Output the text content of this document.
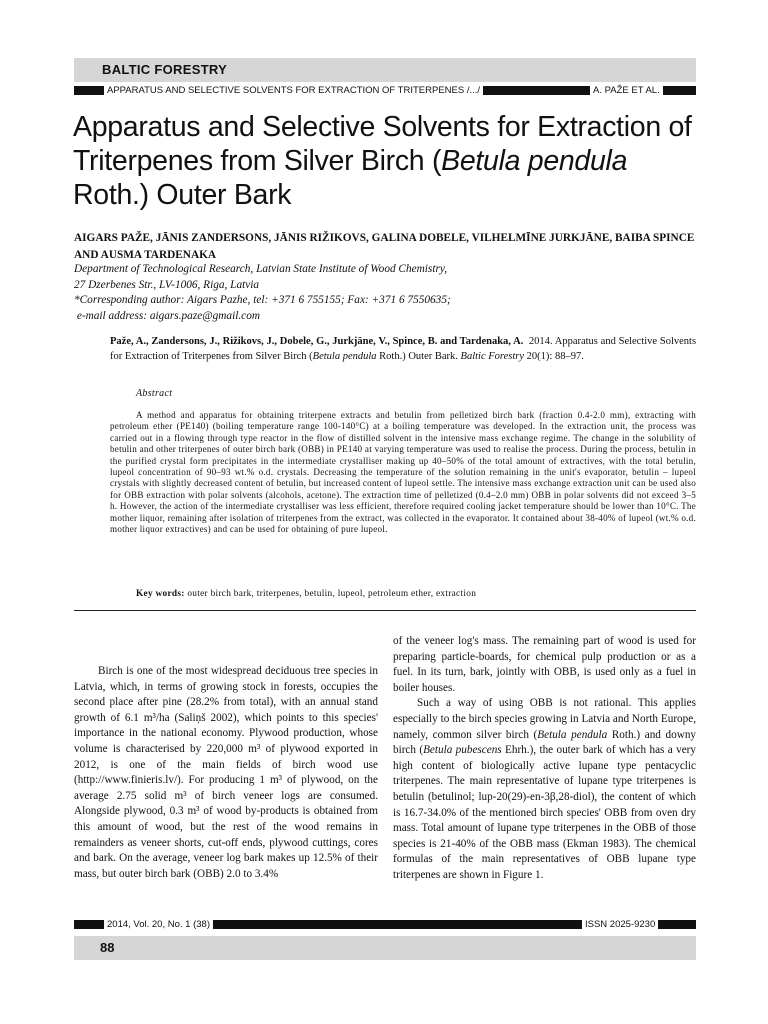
BALTIC FORESTRY
APPARATUS AND SELECTIVE SOLVENTS FOR EXTRACTION OF TRITERPENES /.../	A. PAŽE ET AL.
Apparatus and Selective Solvents for Extraction of Triterpenes from Silver Birch (Betula pendula Roth.) Outer Bark
AIGARS PAŽE, JĀNIS ZANDERSONS, JĀNIS RIŽIKOVS, GALINA DOBELE, VILHELMĪNE JURKJĀNE, BAIBA SPINCE AND AUSMA TARDENAKA
Department of Technological Research, Latvian State Institute of Wood Chemistry,
27 Dzerbenes Str., LV-1006, Riga, Latvia
*Corresponding author: Aigars Pazhe, tel: +371 6 755155; Fax: +371 6 7550635;
e-mail address: aigars.paze@gmail.com
Paže, A., Zandersons, J., Rižikovs, J., Dobele, G., Jurkjāne, V., Spince, B. and Tardenaka, A. 2014. Apparatus and Selective Solvents for Extraction of Triterpenes from Silver Birch (Betula pendula Roth.) Outer Bark. Baltic Forestry 20(1): 88–97.
Abstract
A method and apparatus for obtaining triterpene extracts and betulin from pelletized birch bark (fraction 0.4-2.0 mm), extracting with petroleum ether (PE140) (boiling temperature range 100-140°C) at a boiling temperature was developed. In the extraction unit, the process was carried out in a flowing through type reactor in the flow of distilled solvent in the intensive mass exchange regime. The change in the solubility of betulin and other triterpenes of outer birch bark (OBB) in PE140 at varying temperature was used to realise the process. During the process, betulin in the purified crystal form precipitates in the intermediate crystalliser making up 40–50% of the total amount of extractives, with the total betulin, lupeol concentration of 90–93 wt.% o.d. crystals. Decreasing the temperature of the solution remaining in the unit's evaporator, betulin – lupeol crystals with slightly decreased content of betulin, but increased content of lupeol settle. The intensive mass exchange extraction unit can be used also for OBB extraction with polar solvents (alcohols, acetone). The extraction time of pelletized (0.4–2.0 mm) OBB in polar solvents did not exceed 3–5 h. However, the action of the intermediate crystalliser was less efficient, therefore required cooling jacket temperature should be lower than 10°C. The mother liquor, remaining after isolation of triterpenes from the extract, was collected in the evaporator. It contained about 38-40% of lupeol (wt.% o.d. mother liquor extractives) and can be used for obtaining of pure lupeol.
Key words: outer birch bark, triterpenes, betulin, lupeol, petroleum ether, extraction

Birch is one of the most widespread deciduous tree species in Latvia, which, in terms of growing stock in forests, occupies the second place after pine (28.2% from total), with an annual stand growth of 6.1 m³/ha (Saliņš 2002), which points to this species' importance in the national economy. Plywood production, whose volume is characterised by 220,000 m³ of plywood exported in 2012, is one of the main fields of birch wood use (http://www.finieris.lv/). For producing 1 m³ of plywood, on the average 2.75 solid m³ of birch veneer logs are consumed. Alongside plywood, 0.3 m³ of wood by-products is obtained from this amount of wood, but the rest of the wood remains in remainders as veneer shorts, cut-off ends, plywood cuttings, cores and bark. On the average, veneer log bark makes up 12.5% of their mass, but outer birch bark (OBB) 2.0 to 3.4%

of the veneer log's mass. The remaining part of wood is used for preparing particle-boards, for chemical pulp production or as a fuel. In its turn, bark, jointly with OBB, is used only as a fuel in boiler houses.

Such a way of using OBB is not rational. This applies especially to the birch species growing in Latvia and North Europe, namely, common silver birch (Betula pendula Roth.) and downy birch (Betula pubescens Ehrh.), the outer bark of which has a very high content of biologically active lupane type pentacyclic triterpenes. The main representative of lupane type triterpenes is betulin (betulinol; lup-20(29)-en-3β,28-diol), the content of which is 16.7-34.0% of the mentioned birch species' OBB from oven dry mass. Total amount of lupane type triterpenes in the OBB of those species is 21-40% of the OBB mass (Ekman 1983). The chemical formulas of the main representatives of OBB lupane type triterpenes are shown in Figure 1.

2014, Vol. 20, No. 1 (38)	ISSN 2025-9230
88
